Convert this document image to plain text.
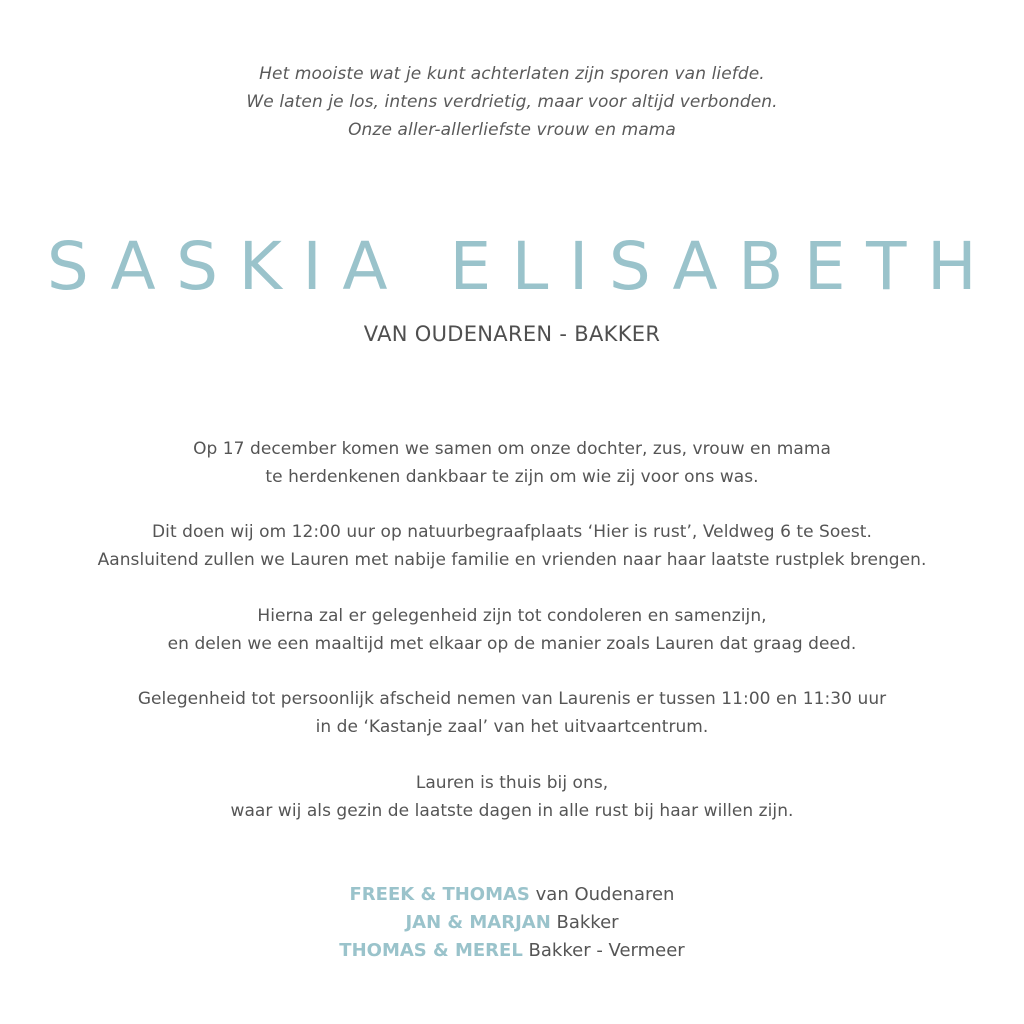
Het mooiste wat je kunt achterlaten zijn sporen van liefde.
We laten je los, intens verdrietig, maar voor altijd verbonden.
Onze aller-allerliefste vrouw en mama
SASKIA ELISABETH
VAN OUDENAREN - BAKKER
Op 17 december komen we samen om onze dochter, zus, vrouw en mama
te herdenkenen dankbaar te zijn om wie zij voor ons was.
Dit doen wij om 12:00 uur op natuurbegraafplaats ‘Hier is rust’, Veldweg 6 te Soest.
Aansluitend zullen we Lauren met nabije familie en vrienden naar haar laatste rustplek brengen.
Hierna zal er gelegenheid zijn tot condoleren en samenzijn,
en delen we een maaltijd met elkaar op de manier zoals Lauren dat graag deed.
Gelegenheid tot persoonlijk afscheid nemen van Laurenis er tussen 11:00 en 11:30 uur
in de ‘Kastanje zaal’ van het uitvaartcentrum.
Lauren is thuis bij ons,
waar wij als gezin de laatste dagen in alle rust bij haar willen zijn.
FREEK & THOMAS van Oudenaren
JAN & MARJAN Bakker
THOMAS & MEREL Bakker - Vermeer
